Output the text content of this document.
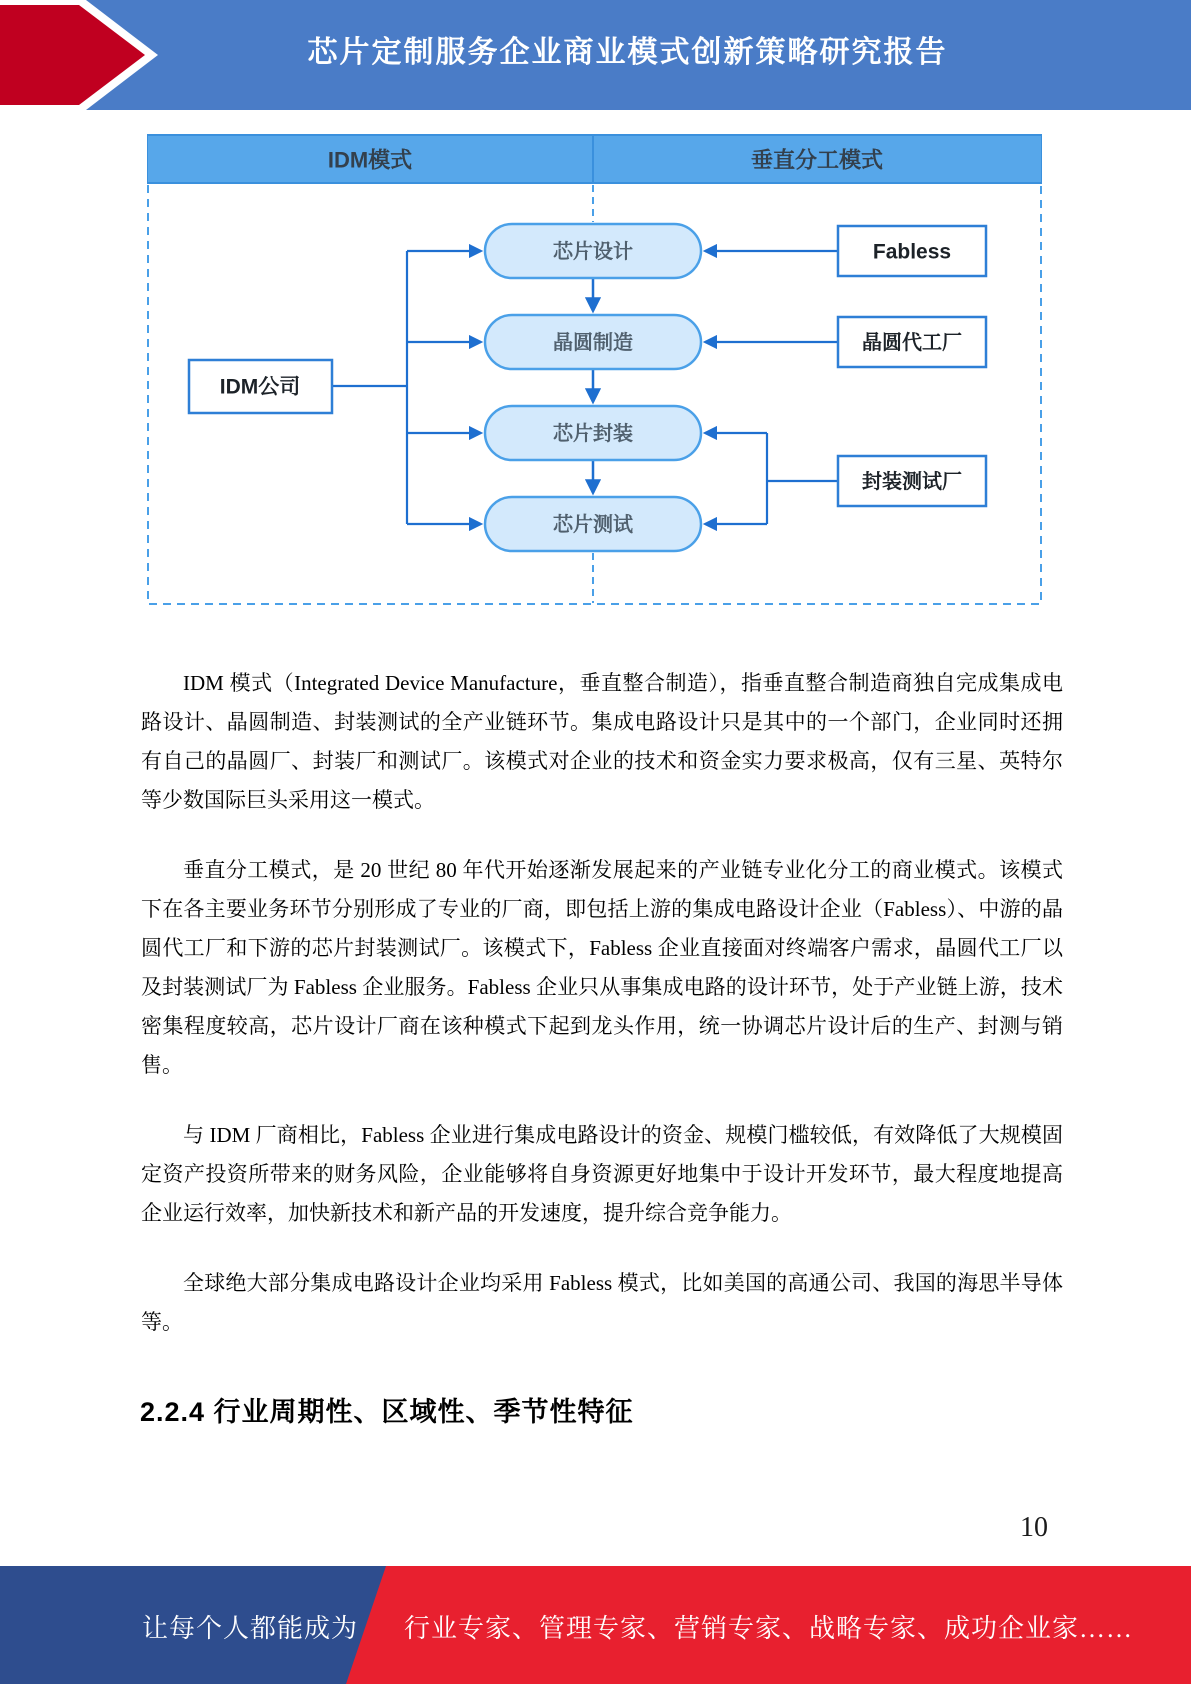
芯片定制服务企业商业模式创新策略研究报告
IDM模式	垂直分工模式
芯片设计
晶圆制造
芯片封装
芯片测试
IDM公司
Fabless
晶圆代工厂
封装测试厂

IDM 模式（Integrated Device Manufacture，垂直整合制造），指垂直整合制造商独自完成集成电路设计、晶圆制造、封装测试的全产业链环节。集成电路设计只是其中的一个部门，企业同时还拥有自己的晶圆厂、封装厂和测试厂。该模式对企业的技术和资金实力要求极高，仅有三星、英特尔等少数国际巨头采用这一模式。

垂直分工模式，是 20 世纪 80 年代开始逐渐发展起来的产业链专业化分工的商业模式。该模式下在各主要业务环节分别形成了专业的厂商，即包括上游的集成电路设计企业（Fabless）、中游的晶圆代工厂和下游的芯片封装测试厂。该模式下，Fabless 企业直接面对终端客户需求，晶圆代工厂以及封装测试厂为 Fabless 企业服务。Fabless 企业只从事集成电路的设计环节，处于产业链上游，技术密集程度较高，芯片设计厂商在该种模式下起到龙头作用，统一协调芯片设计后的生产、封测与销售。

与 IDM 厂商相比，Fabless 企业进行集成电路设计的资金、规模门槛较低，有效降低了大规模固定资产投资所带来的财务风险，企业能够将自身资源更好地集中于设计开发环节，最大程度地提高企业运行效率，加快新技术和新产品的开发速度，提升综合竞争能力。

全球绝大部分集成电路设计企业均采用 Fabless 模式，比如美国的高通公司、我国的海思半导体等。

2.2.4 行业周期性、区域性、季节性特征
10
让每个人都能成为 行业专家、管理专家、营销专家、战略专家、成功企业家……
